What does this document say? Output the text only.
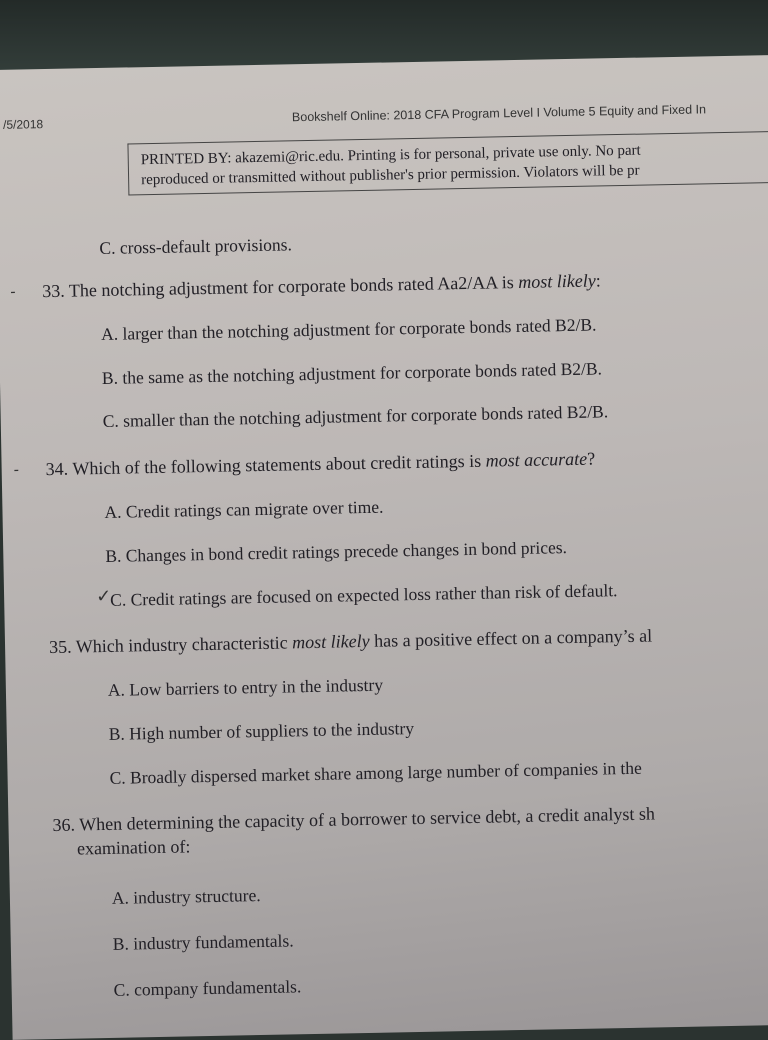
/5/2018
Bookshelf Online: 2018 CFA Program Level I Volume 5 Equity and Fixed In
PRINTED BY: akazemi@ric.edu. Printing is for personal, private use only. No part
reproduced or transmitted without publisher's prior permission. Violators will be pr
C. cross-default provisions.
- 33. The notching adjustment for corporate bonds rated Aa2/AA is most likely:
A. larger than the notching adjustment for corporate bonds rated B2/B.
B. the same as the notching adjustment for corporate bonds rated B2/B.
C. smaller than the notching adjustment for corporate bonds rated B2/B.
- 34. Which of the following statements about credit ratings is most accurate?
A. Credit ratings can migrate over time.
B. Changes in bond credit ratings precede changes in bond prices.
✓
C. Credit ratings are focused on expected loss rather than risk of default.
35. Which industry characteristic most likely has a positive effect on a company’s al
A. Low barriers to entry in the industry
B. High number of suppliers to the industry
C. Broadly dispersed market share among large number of companies in the
36. When determining the capacity of a borrower to service debt, a credit analyst sh
examination of:
A. industry structure.
B. industry fundamentals.
C. company fundamentals.
